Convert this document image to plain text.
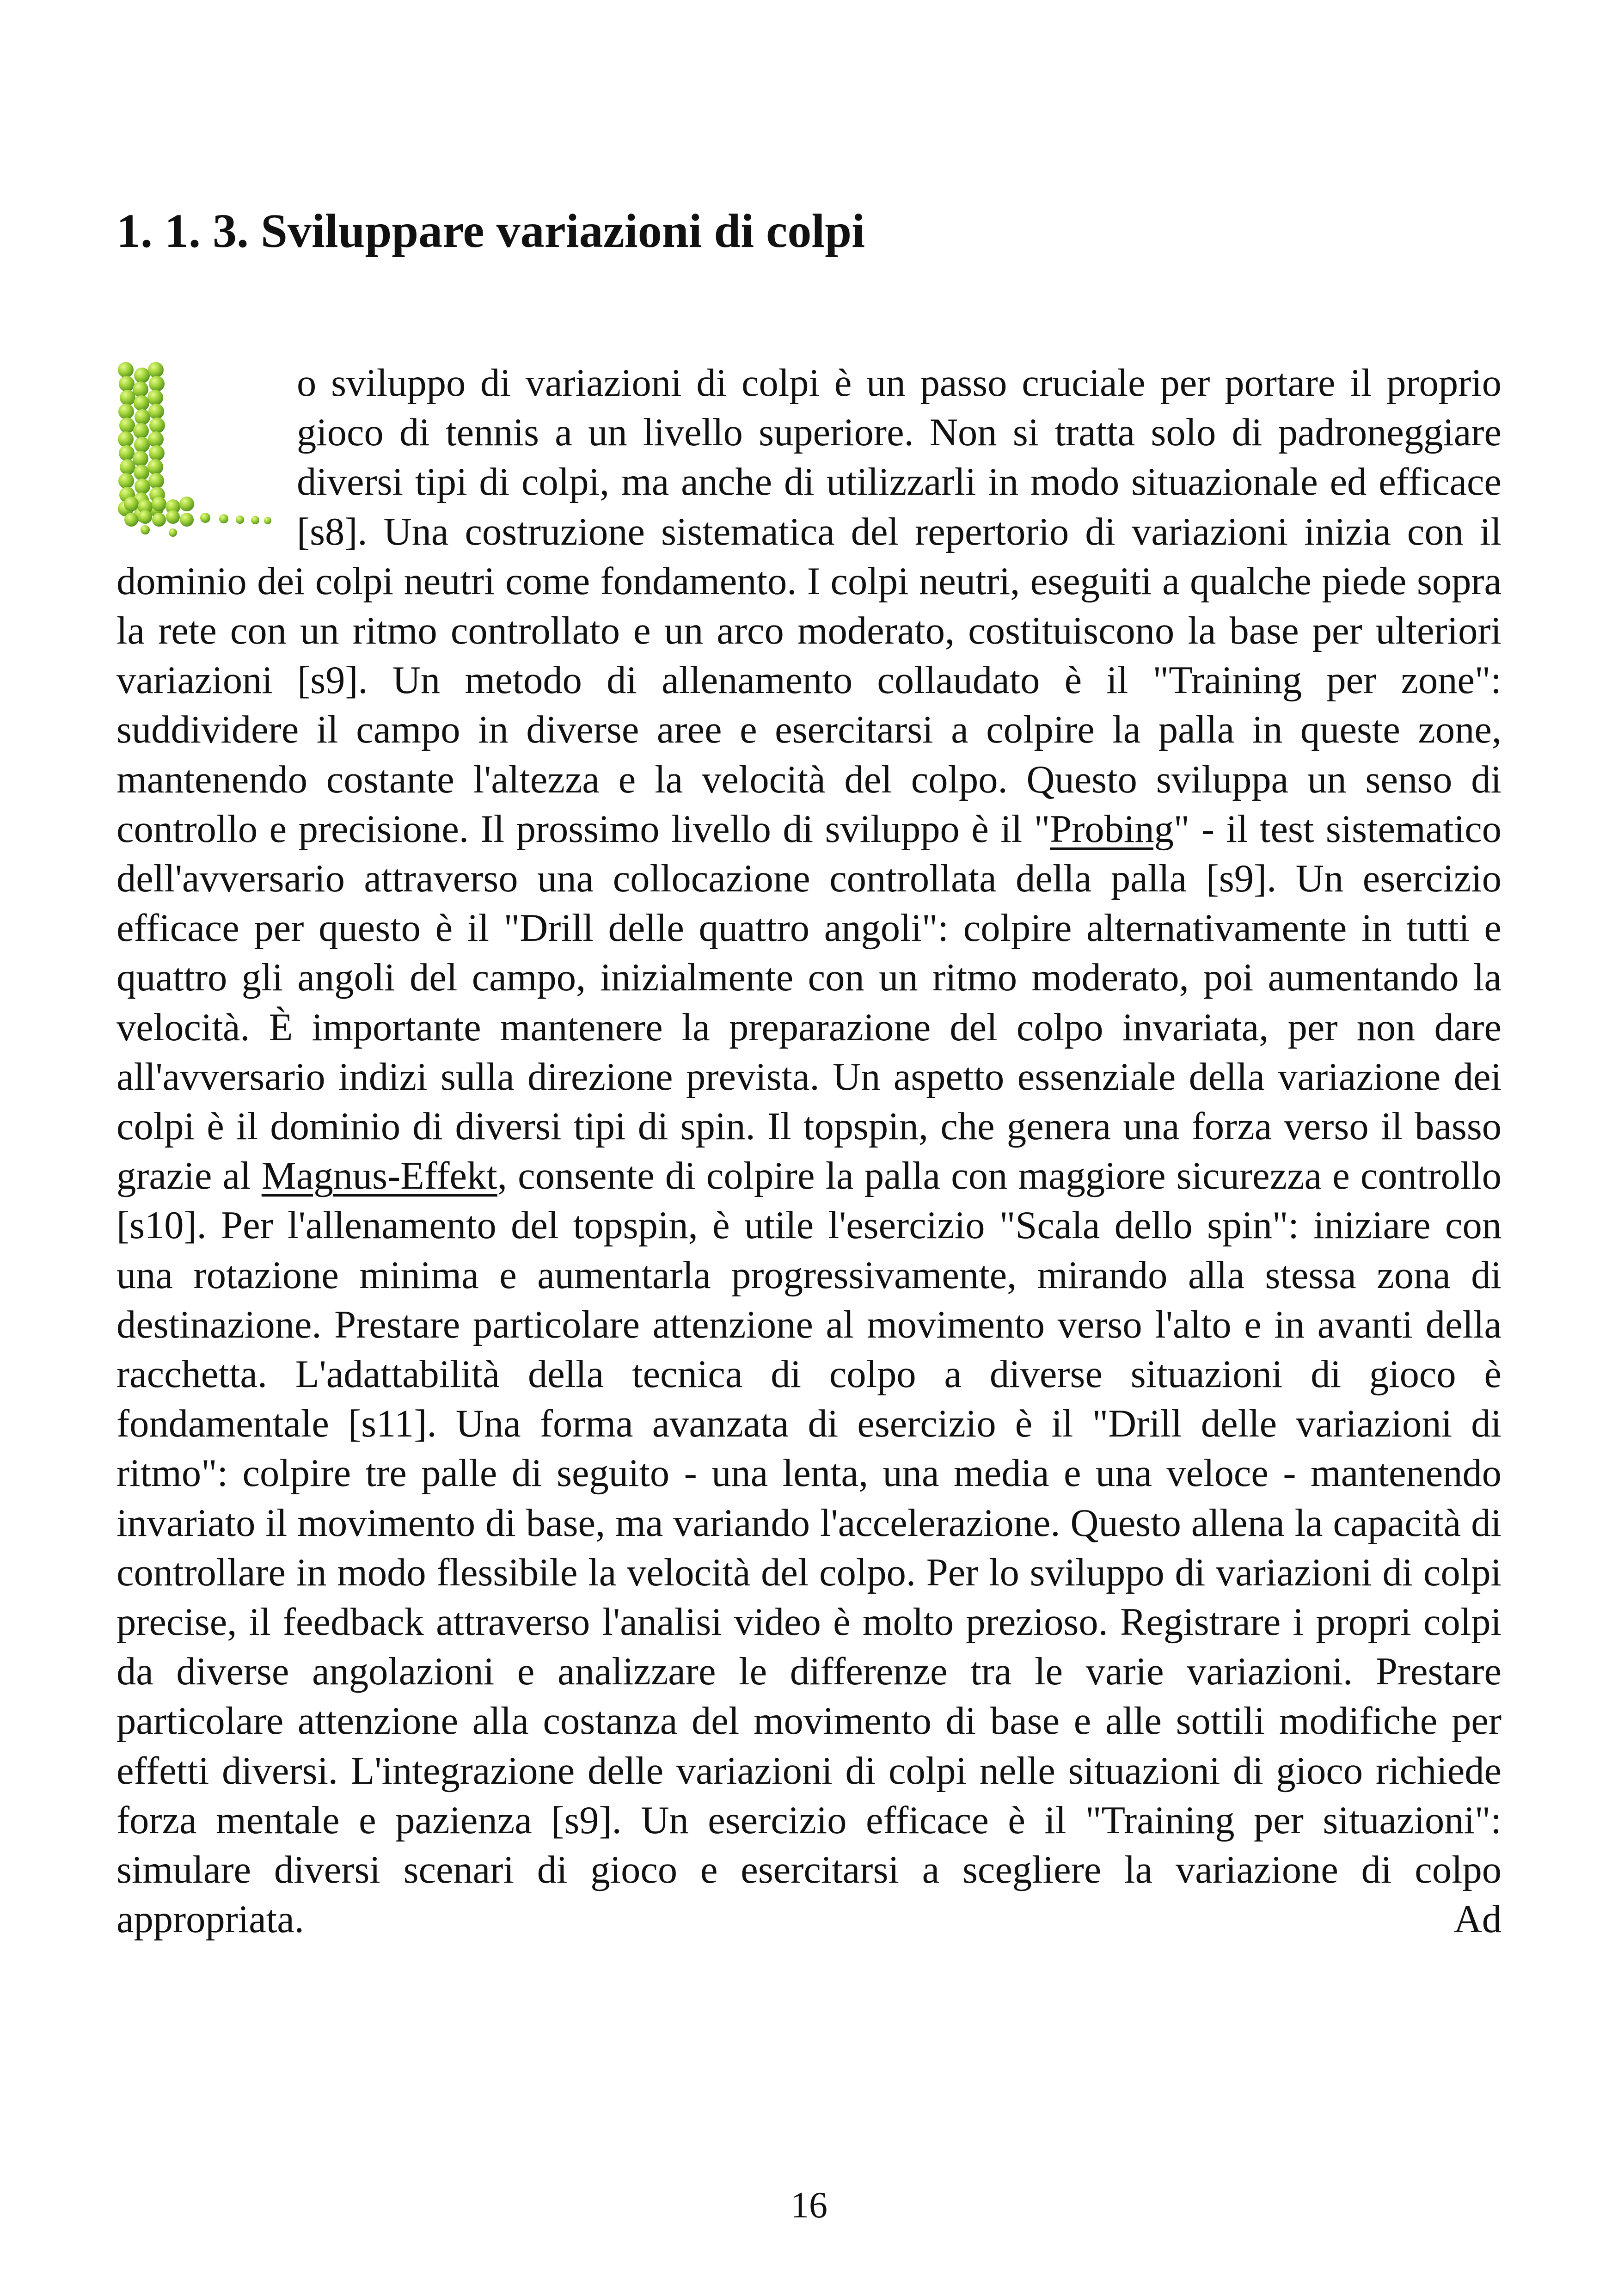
1. 1. 3. Sviluppare variazioni di colpi

o sviluppo di variazioni di colpi è un passo cruciale per portare il proprio gioco di tennis a un livello superiore. Non si tratta solo di padroneggiare diversi tipi di colpi, ma anche di utilizzarli in modo situazionale ed efficace [s8]. Una costruzione sistematica del repertorio di variazioni inizia con il dominio dei colpi neutri come fondamento. I colpi neutri, eseguiti a qualche piede sopra la rete con un ritmo controllato e un arco moderato, costituiscono la base per ulteriori variazioni [s9]. Un metodo di allenamento collaudato è il "Training per zone": suddividere il campo in diverse aree e esercitarsi a colpire la palla in queste zone, mantenendo costante l'altezza e la velocità del colpo. Questo sviluppa un senso di controllo e precisione. Il prossimo livello di sviluppo è il "Probing" - il test sistematico dell'avversario attraverso una collocazione controllata della palla [s9]. Un esercizio efficace per questo è il "Drill delle quattro angoli": colpire alternativamente in tutti e quattro gli angoli del campo, inizialmente con un ritmo moderato, poi aumentando la velocità. È importante mantenere la preparazione del colpo invariata, per non dare all'avversario indizi sulla direzione prevista. Un aspetto essenziale della variazione dei colpi è il dominio di diversi tipi di spin. Il topspin, che genera una forza verso il basso grazie al Magnus-Effekt, consente di colpire la palla con maggiore sicurezza e controllo [s10]. Per l'allenamento del topspin, è utile l'esercizio "Scala dello spin": iniziare con una rotazione minima e aumentarla progressivamente, mirando alla stessa zona di destinazione. Prestare particolare attenzione al movimento verso l'alto e in avanti della racchetta. L'adattabilità della tecnica di colpo a diverse situazioni di gioco è fondamentale [s11]. Una forma avanzata di esercizio è il "Drill delle variazioni di ritmo": colpire tre palle di seguito - una lenta, una media e una veloce - mantenendo invariato il movimento di base, ma variando l'accelerazione. Questo allena la capacità di controllare in modo flessibile la velocità del colpo. Per lo sviluppo di variazioni di colpi precise, il feedback attraverso l'analisi video è molto prezioso. Registrare i propri colpi da diverse angolazioni e analizzare le differenze tra le varie variazioni. Prestare particolare attenzione alla costanza del movimento di base e alle sottili modifiche per effetti diversi. L'integrazione delle variazioni di colpi nelle situazioni di gioco richiede forza mentale e pazienza [s9]. Un esercizio efficace è il "Training per situazioni": simulare diversi scenari di gioco e esercitarsi a scegliere la variazione di colpo appropriata. Ad

16
